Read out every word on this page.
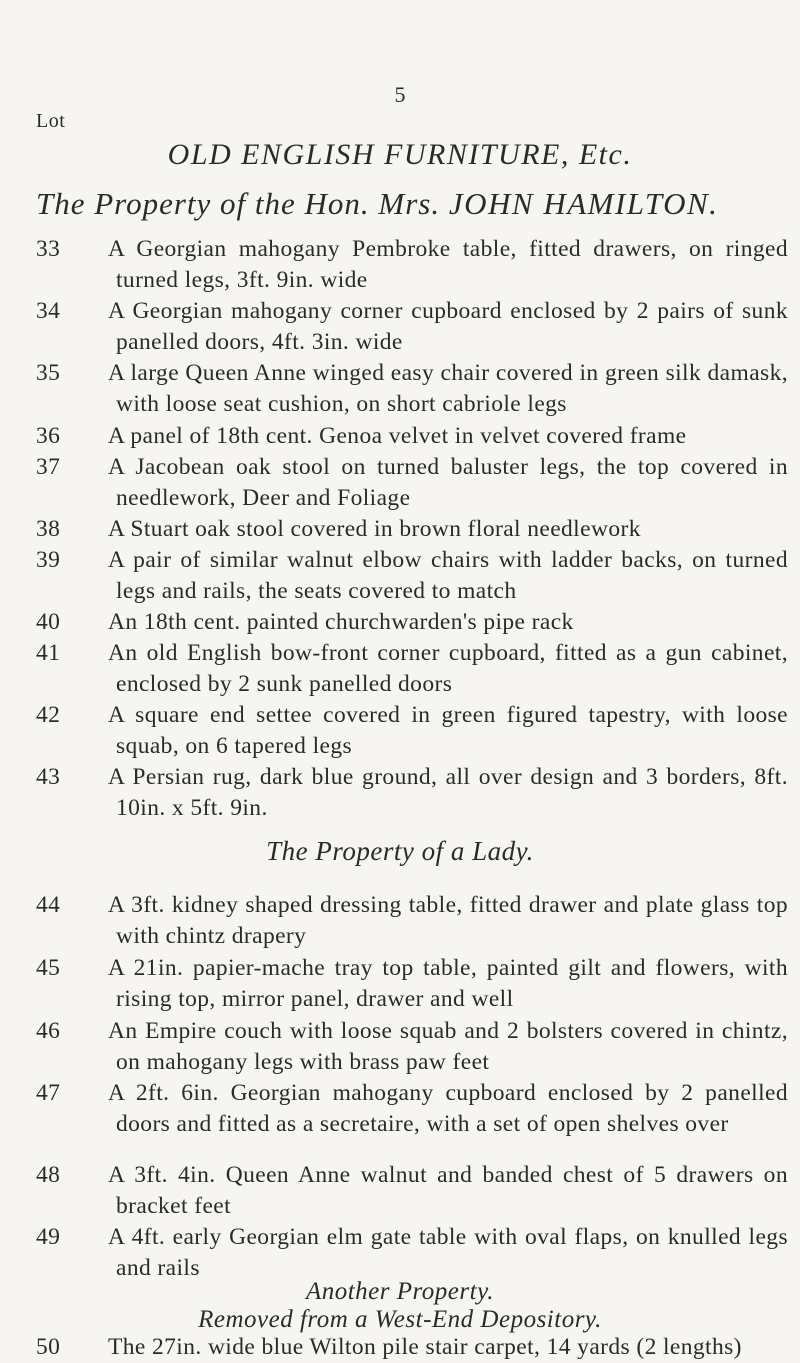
5
Lot
OLD ENGLISH FURNITURE, Etc.
The Property of the Hon. Mrs. JOHN HAMILTON.
33	A Georgian mahogany Pembroke table, fitted drawers, on ringed turned legs, 3ft. 9in. wide
34	A Georgian mahogany corner cupboard enclosed by 2 pairs of sunk panelled doors, 4ft. 3in. wide
35	A large Queen Anne winged easy chair covered in green silk damask, with loose seat cushion, on short cabriole legs
36	A panel of 18th cent. Genoa velvet in velvet covered frame
37	A Jacobean oak stool on turned baluster legs, the top covered in needlework, Deer and Foliage
38	A Stuart oak stool covered in brown floral needlework
39	A pair of similar walnut elbow chairs with ladder backs, on turned legs and rails, the seats covered to match
40	An 18th cent. painted churchwarden's pipe rack
41	An old English bow-front corner cupboard, fitted as a gun cabinet, enclosed by 2 sunk panelled doors
42	A square end settee covered in green figured tapestry, with loose squab, on 6 tapered legs
43	A Persian rug, dark blue ground, all over design and 3 borders, 8ft. 10in. x 5ft. 9in.
The Property of a Lady.
44	A 3ft. kidney shaped dressing table, fitted drawer and plate glass top with chintz drapery
45	A 21in. papier-mache tray top table, painted gilt and flowers, with rising top, mirror panel, drawer and well
46	An Empire couch with loose squab and 2 bolsters covered in chintz, on mahogany legs with brass paw feet
47	A 2ft. 6in. Georgian mahogany cupboard enclosed by 2 panelled doors and fitted as a secretaire, with a set of open shelves over
48	A 3ft. 4in. Queen Anne walnut and banded chest of 5 drawers on bracket feet
49	A 4ft. early Georgian elm gate table with oval flaps, on knulled legs and rails
Another Property.
Removed from a West-End Depository.
50	The 27in. wide blue Wilton pile stair carpet, 14 yards (2 lengths)
